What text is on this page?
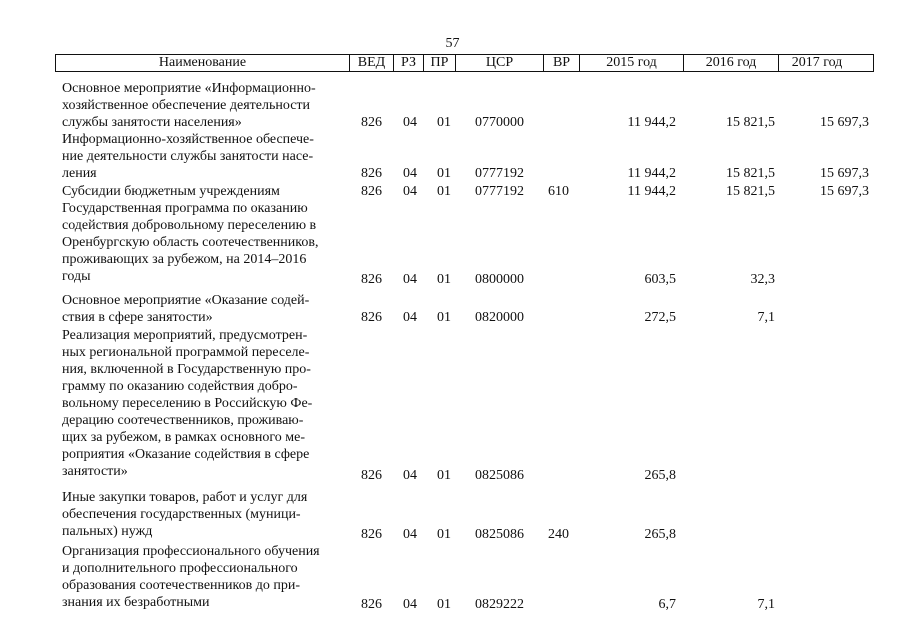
57
Наименование	ВЕД	РЗ	ПР	ЦСР	ВР	2015 год	2016 год	2017 год
Основное мероприятие «Информационно-
хозяйственное обеспечение деятельности
службы занятости населения»	826 04 01 0770000	11 944,2	15 821,5	15 697,3
Информационно-хозяйственное обеспече-
ние деятельности службы занятости насе-
ления	826 04 01 0777192	11 944,2	15 821,5	15 697,3
Субсидии бюджетным учреждениям	826 04 01 0777192 610	11 944,2	15 821,5	15 697,3
Государственная программа по оказанию
содействия добровольному переселению в
Оренбургскую область соотечественников,
проживающих за рубежом, на 2014–2016
годы	826 04 01 0800000	603,5	32,3
Основное мероприятие «Оказание содей-
ствия в сфере занятости»	826 04 01 0820000	272,5	7,1
Реализация мероприятий, предусмотрен-
ных региональной программой переселе-
ния, включенной в Государственную про-
грамму по оказанию содействия добро-
вольному переселению в Российскую Фе-
дерацию соотечественников, проживаю-
щих за рубежом, в рамках основного ме-
роприятия «Оказание содействия в сфере
занятости»	826 04 01 0825086	265,8
Иные закупки товаров, работ и услуг для
обеспечения государственных (муници-
пальных) нужд	826 04 01 0825086 240	265,8
Организация профессионального обучения
и дополнительного профессионального
образования соотечественников до при-
знания их безработными	826 04 01 0829222	6,7	7,1
